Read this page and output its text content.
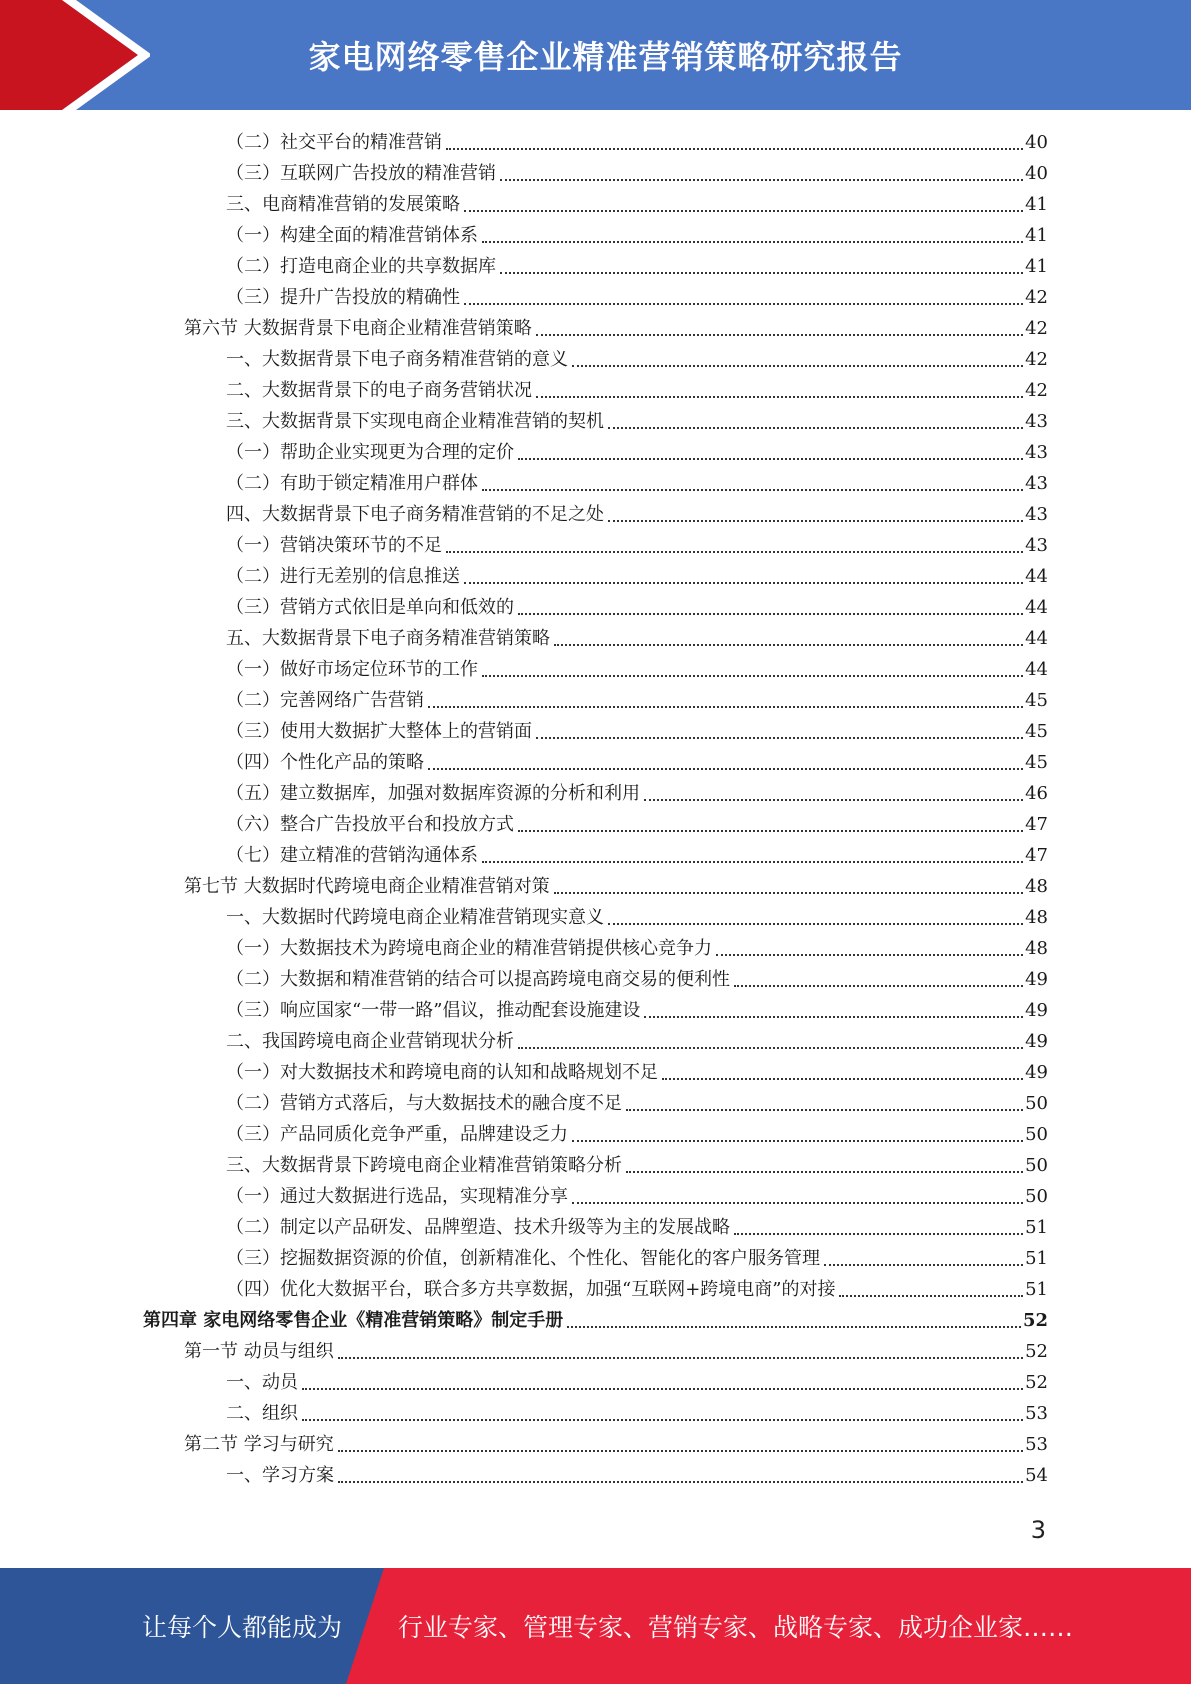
家电网络零售企业精准营销策略研究报告
（二）社交平台的精准营销	40
（三）互联网广告投放的精准营销	40
三、电商精准营销的发展策略	41
（一）构建全面的精准营销体系	41
（二）打造电商企业的共享数据库	41
（三）提升广告投放的精确性	42
第六节 大数据背景下电商企业精准营销策略	42
一、大数据背景下电子商务精准营销的意义	42
二、大数据背景下的电子商务营销状况	42
三、大数据背景下实现电商企业精准营销的契机	43
（一）帮助企业实现更为合理的定价	43
（二）有助于锁定精准用户群体	43
四、大数据背景下电子商务精准营销的不足之处	43
（一）营销决策环节的不足	43
（二）进行无差别的信息推送	44
（三）营销方式依旧是单向和低效的	44
五、大数据背景下电子商务精准营销策略	44
（一）做好市场定位环节的工作	44
（二）完善网络广告营销	45
（三）使用大数据扩大整体上的营销面	45
（四）个性化产品的策略	45
（五）建立数据库，加强对数据库资源的分析和利用	46
（六）整合广告投放平台和投放方式	47
（七）建立精准的营销沟通体系	47
第七节 大数据时代跨境电商企业精准营销对策	48
一、大数据时代跨境电商企业精准营销现实意义	48
（一）大数据技术为跨境电商企业的精准营销提供核心竞争力	48
（二）大数据和精准营销的结合可以提高跨境电商交易的便利性	49
（三）响应国家“一带一路”倡议，推动配套设施建设	49
二、我国跨境电商企业营销现状分析	49
（一）对大数据技术和跨境电商的认知和战略规划不足	49
（二）营销方式落后，与大数据技术的融合度不足	50
（三）产品同质化竞争严重，品牌建设乏力	50
三、大数据背景下跨境电商企业精准营销策略分析	50
（一）通过大数据进行选品，实现精准分享	50
（二）制定以产品研发、品牌塑造、技术升级等为主的发展战略	51
（三）挖掘数据资源的价值，创新精准化、个性化、智能化的客户服务管理	51
（四）优化大数据平台，联合多方共享数据，加强“互联网+跨境电商”的对接	51
第四章 家电网络零售企业《精准营销策略》制定手册	52
第一节 动员与组织	52
一、动员	52
二、组织	53
第二节 学习与研究	53
一、学习方案	54
3
让每个人都能成为 行业专家、管理专家、营销专家、战略专家、成功企业家……
